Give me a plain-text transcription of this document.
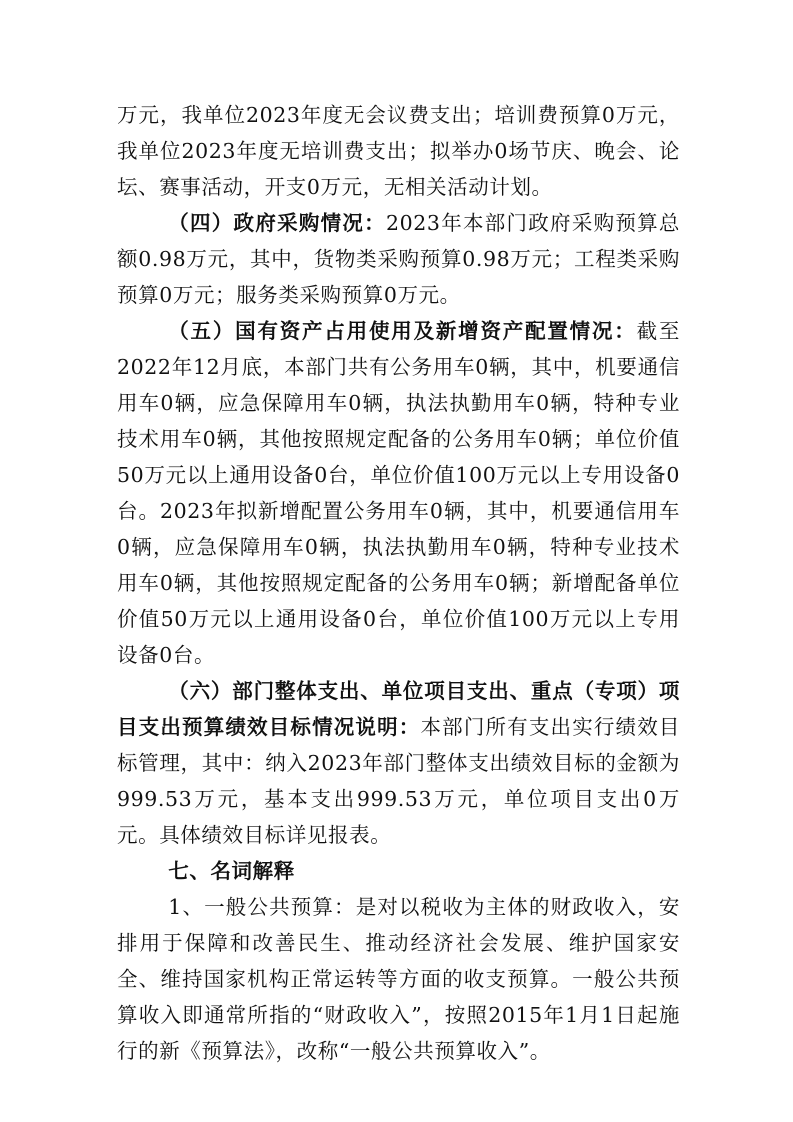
万元，我单位2023年度无会议费支出；培训费预算0万元，我单位2023年度无培训费支出；拟举办0场节庆、晚会、论坛、赛事活动，开支0万元，无相关活动计划。

（四）政府采购情况：2023年本部门政府采购预算总额0.98万元，其中，货物类采购预算0.98万元；工程类采购预算0万元；服务类采购预算0万元。

（五）国有资产占用使用及新增资产配置情况：截至2022年12月底，本部门共有公务用车0辆，其中，机要通信用车0辆，应急保障用车0辆，执法执勤用车0辆，特种专业技术用车0辆，其他按照规定配备的公务用车0辆；单位价值50万元以上通用设备0台，单位价值100万元以上专用设备0台。2023年拟新增配置公务用车0辆，其中，机要通信用车0辆，应急保障用车0辆，执法执勤用车0辆，特种专业技术用车0辆，其他按照规定配备的公务用车0辆；新增配备单位价值50万元以上通用设备0台，单位价值100万元以上专用设备0台。

（六）部门整体支出、单位项目支出、重点（专项）项目支出预算绩效目标情况说明：本部门所有支出实行绩效目标管理，其中：纳入2023年部门整体支出绩效目标的金额为999.53万元，基本支出999.53万元，单位项目支出0万元。具体绩效目标详见报表。

七、名词解释

1、一般公共预算：是对以税收为主体的财政收入，安排用于保障和改善民生、推动经济社会发展、维护国家安全、维持国家机构正常运转等方面的收支预算。一般公共预算收入即通常所指的“财政收入”，按照2015年1月1日起施行的新《预算法》，改称“一般公共预算收入”。
